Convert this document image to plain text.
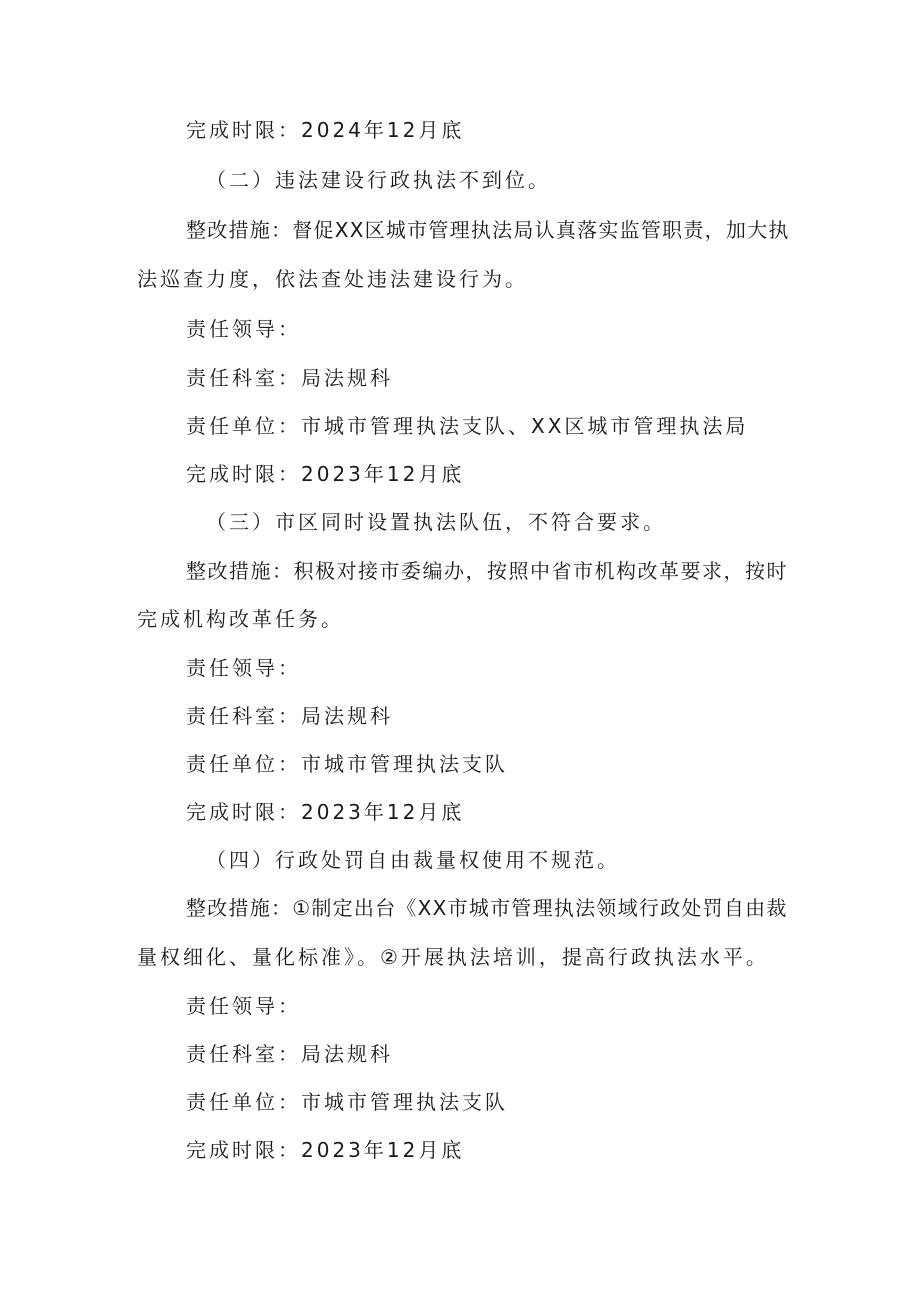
完成时限：2024年12月底
（二）违法建设行政执法不到位。
整改措施：督促XX区城市管理执法局认真落实监管职责，加大执
法巡查力度，依法查处违法建设行为。
责任领导：
责任科室：局法规科
责任单位：市城市管理执法支队、XX区城市管理执法局
完成时限：2023年12月底
（三）市区同时设置执法队伍，不符合要求。
整改措施：积极对接市委编办，按照中省市机构改革要求，按时
完成机构改革任务。
责任领导：
责任科室：局法规科
责任单位：市城市管理执法支队
完成时限：2023年12月底
（四）行政处罚自由裁量权使用不规范。
整改措施：①制定出台《XX市城市管理执法领域行政处罚自由裁
量权细化、量化标准》。②开展执法培训，提高行政执法水平。
责任领导：
责任科室：局法规科
责任单位：市城市管理执法支队
完成时限：2023年12月底
